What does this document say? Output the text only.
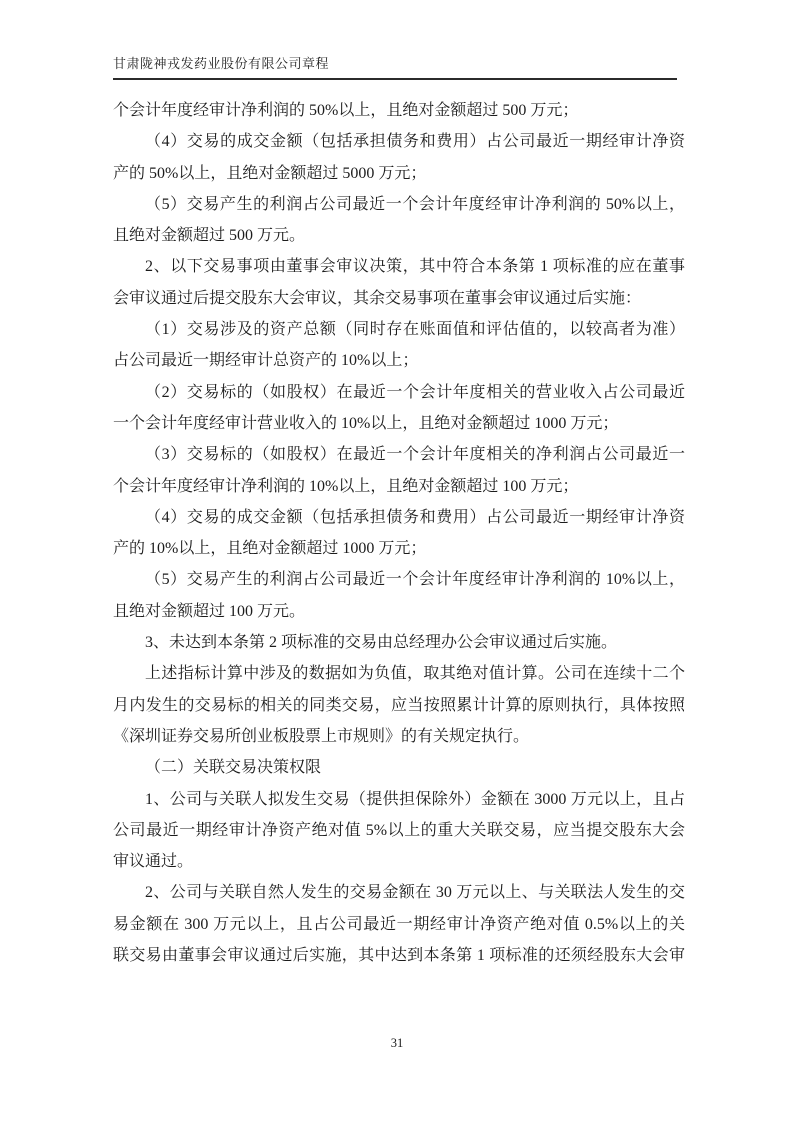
甘肃陇神戎发药业股份有限公司章程
个会计年度经审计净利润的 50%以上，且绝对金额超过 500 万元；
（4）交易的成交金额（包括承担债务和费用）占公司最近一期经审计净资
产的 50%以上，且绝对金额超过 5000 万元；
（5）交易产生的利润占公司最近一个会计年度经审计净利润的 50%以上，
且绝对金额超过 500 万元。
2、以下交易事项由董事会审议决策，其中符合本条第 1 项标准的应在董事
会审议通过后提交股东大会审议，其余交易事项在董事会审议通过后实施：
（1）交易涉及的资产总额（同时存在账面值和评估值的，以较高者为准）
占公司最近一期经审计总资产的 10%以上；
（2）交易标的（如股权）在最近一个会计年度相关的营业收入占公司最近
一个会计年度经审计营业收入的 10%以上，且绝对金额超过 1000 万元；
（3）交易标的（如股权）在最近一个会计年度相关的净利润占公司最近一
个会计年度经审计净利润的 10%以上，且绝对金额超过 100 万元；
（4）交易的成交金额（包括承担债务和费用）占公司最近一期经审计净资
产的 10%以上，且绝对金额超过 1000 万元；
（5）交易产生的利润占公司最近一个会计年度经审计净利润的 10%以上，
且绝对金额超过 100 万元。
3、未达到本条第 2 项标准的交易由总经理办公会审议通过后实施。
上述指标计算中涉及的数据如为负值，取其绝对值计算。公司在连续十二个
月内发生的交易标的相关的同类交易，应当按照累计计算的原则执行，具体按照
《深圳证券交易所创业板股票上市规则》的有关规定执行。
（二）关联交易决策权限
1、公司与关联人拟发生交易（提供担保除外）金额在 3000 万元以上，且占
公司最近一期经审计净资产绝对值 5%以上的重大关联交易，应当提交股东大会
审议通过。
2、公司与关联自然人发生的交易金额在 30 万元以上、与关联法人发生的交
易金额在 300 万元以上，且占公司最近一期经审计净资产绝对值 0.5%以上的关
联交易由董事会审议通过后实施，其中达到本条第 1 项标准的还须经股东大会审
31
